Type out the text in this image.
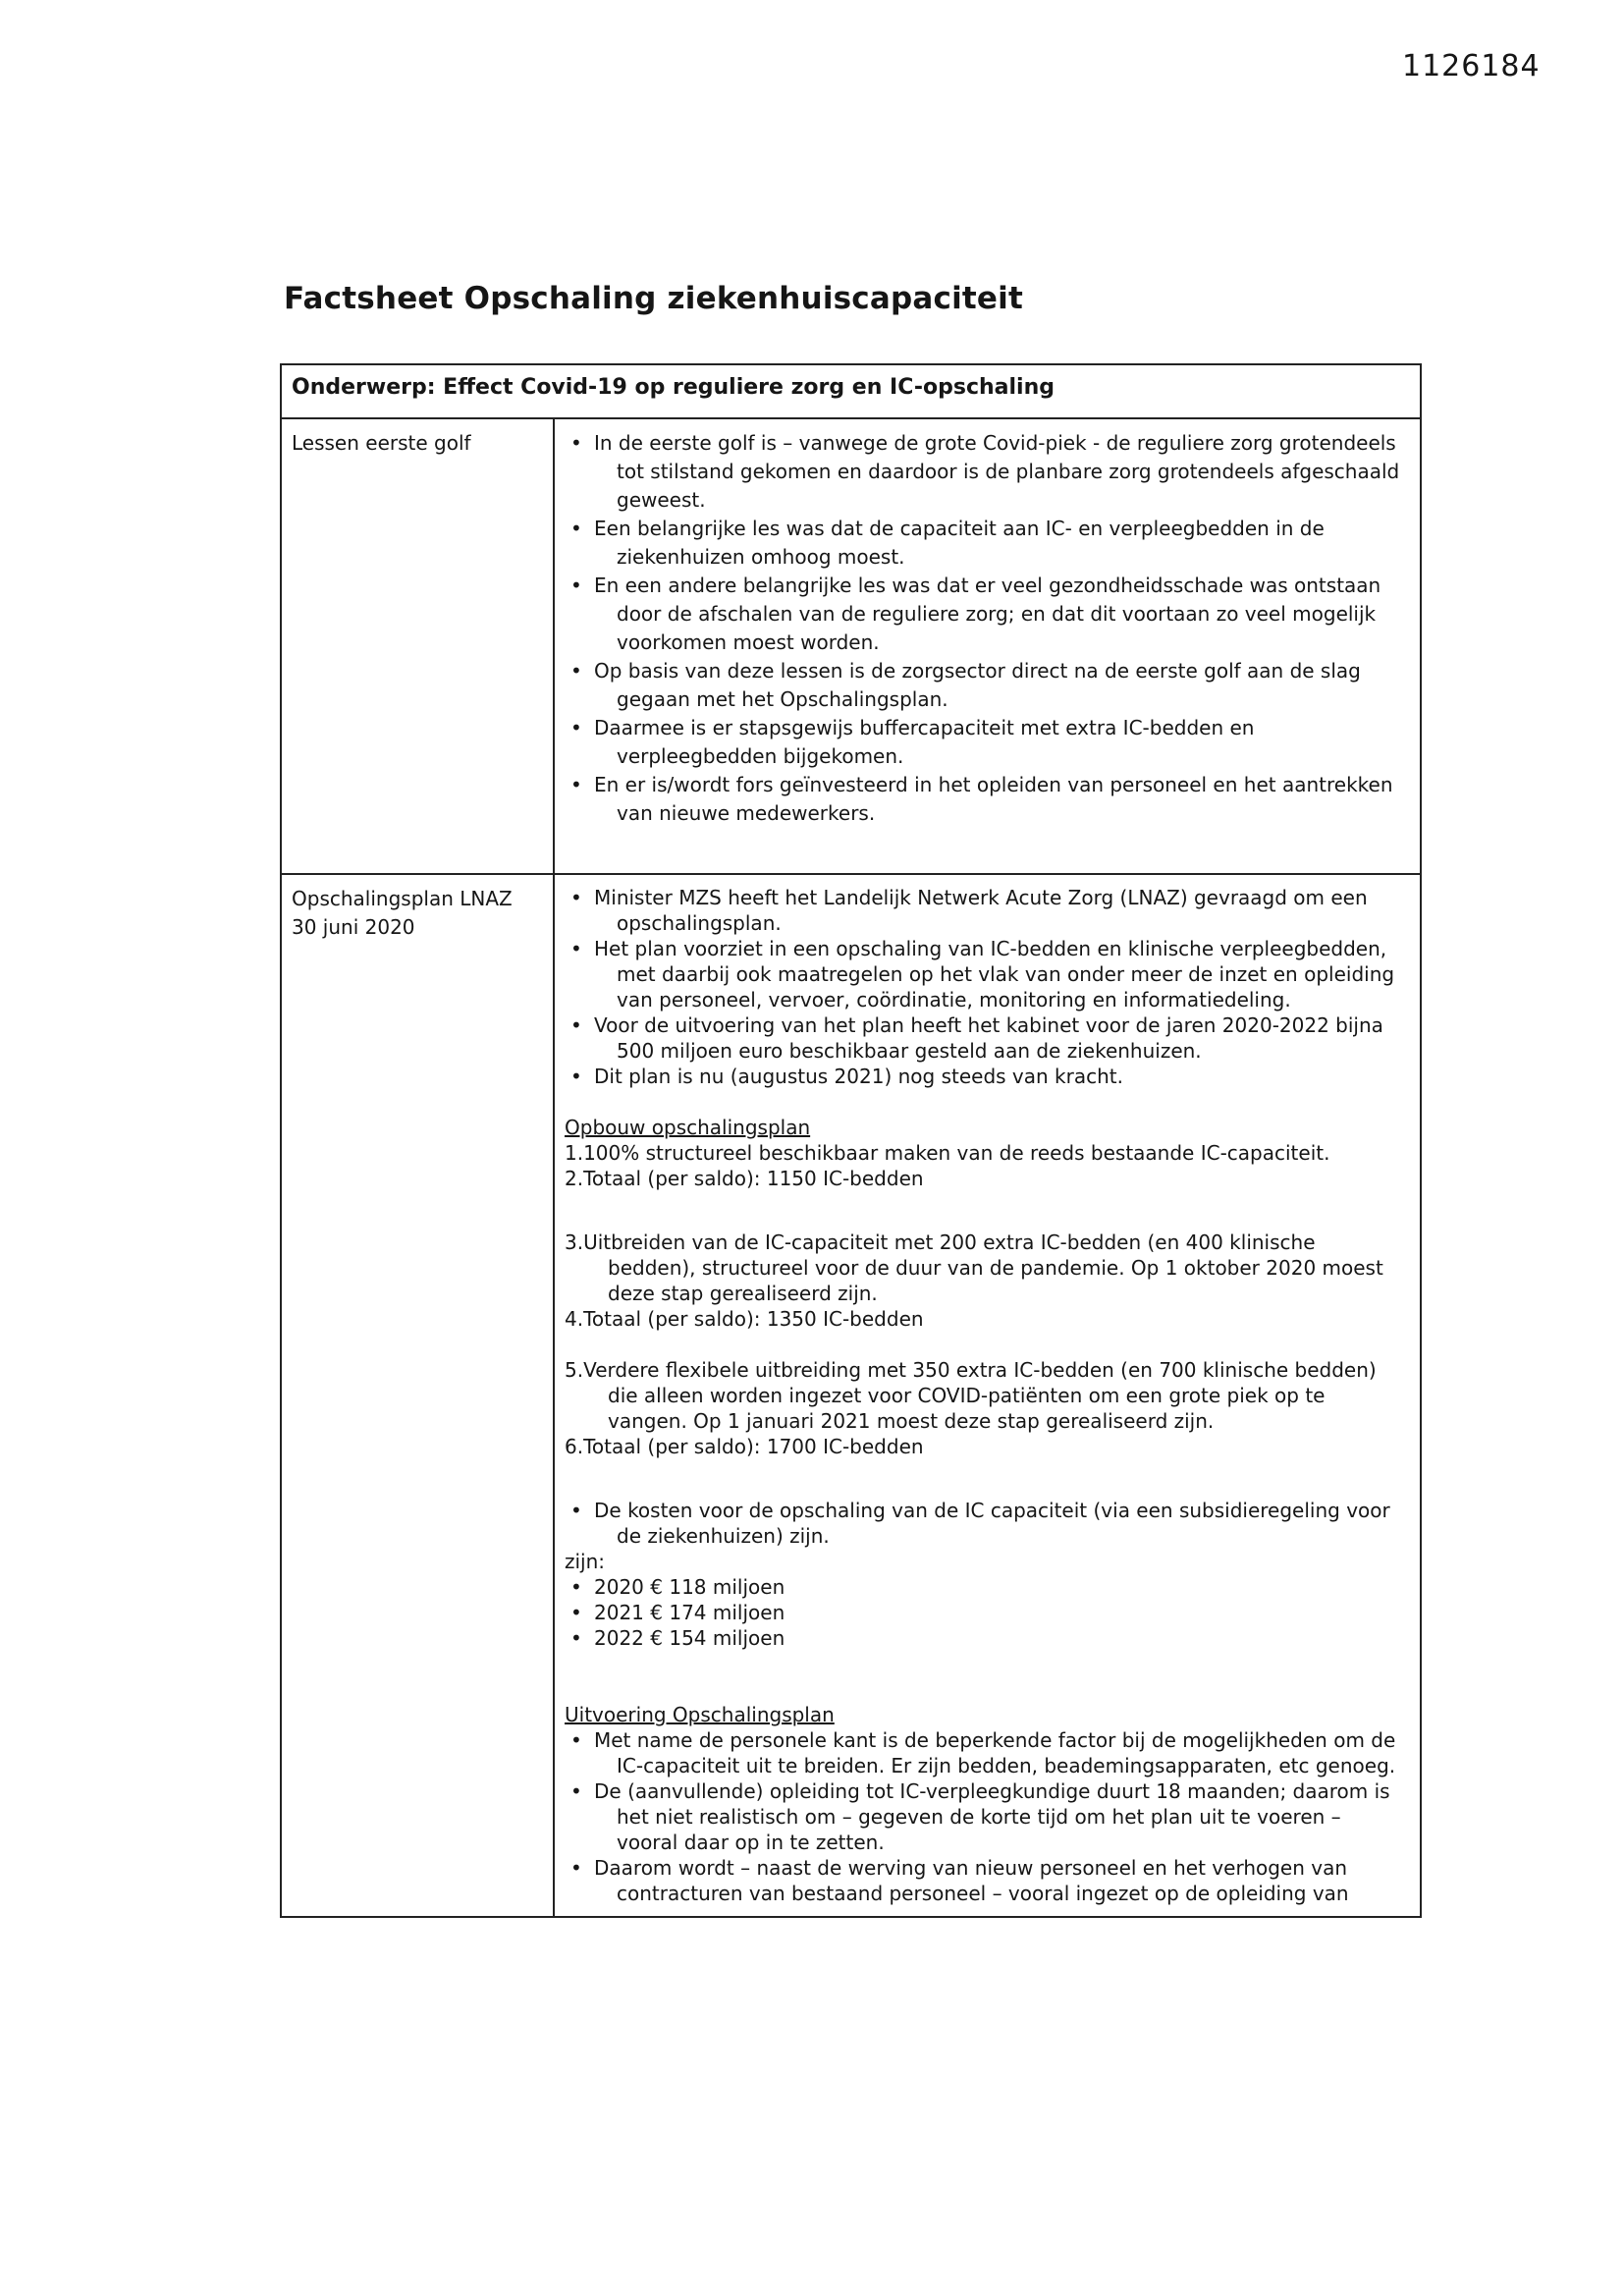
1126184
Factsheet Opschaling ziekenhuiscapaciteit
Onderwerp: Effect Covid-19 op reguliere zorg en IC-opschaling
Lessen eerste golf	• In de eerste golf is – vanwege de grote Covid-piek - de reguliere zorg grotendeels tot stilstand gekomen en daardoor is de planbare zorg grotendeels afgeschaald geweest.
• Een belangrijke les was dat de capaciteit aan IC- en verpleegbedden in de ziekenhuizen omhoog moest.
• En een andere belangrijke les was dat er veel gezondheidsschade was ontstaan door de afschalen van de reguliere zorg; en dat dit voortaan zo veel mogelijk voorkomen moest worden.
• Op basis van deze lessen is de zorgsector direct na de eerste golf aan de slag gegaan met het Opschalingsplan.
• Daarmee is er stapsgewijs buffercapaciteit met extra IC-bedden en verpleegbedden bijgekomen.
• En er is/wordt fors geïnvesteerd in het opleiden van personeel en het aantrekken van nieuwe medewerkers.
Opschalingsplan LNAZ
30 juni 2020
• Minister MZS heeft het Landelijk Netwerk Acute Zorg (LNAZ) gevraagd om een opschalingsplan.
• Het plan voorziet in een opschaling van IC-bedden en klinische verpleegbedden, met daarbij ook maatregelen op het vlak van onder meer de inzet en opleiding van personeel, vervoer, coördinatie, monitoring en informatiedeling.
• Voor de uitvoering van het plan heeft het kabinet voor de jaren 2020-2022 bijna 500 miljoen euro beschikbaar gesteld aan de ziekenhuizen.
• Dit plan is nu (augustus 2021) nog steeds van kracht.
Opbouw opschalingsplan
1.100% structureel beschikbaar maken van de reeds bestaande IC-capaciteit.
2.Totaal (per saldo): 1150 IC-bedden
3.Uitbreiden van de IC-capaciteit met 200 extra IC-bedden (en 400 klinische bedden), structureel voor de duur van de pandemie. Op 1 oktober 2020 moest deze stap gerealiseerd zijn.
4.Totaal (per saldo): 1350 IC-bedden
5.Verdere flexibele uitbreiding met 350 extra IC-bedden (en 700 klinische bedden) die alleen worden ingezet voor COVID-patiënten om een grote piek op te vangen. Op 1 januari 2021 moest deze stap gerealiseerd zijn.
6.Totaal (per saldo): 1700 IC-bedden
• De kosten voor de opschaling van de IC capaciteit (via een subsidieregeling voor de ziekenhuizen) zijn.
zijn:
• 2020 € 118 miljoen
• 2021 € 174 miljoen
• 2022 € 154 miljoen
Uitvoering Opschalingsplan
• Met name de personele kant is de beperkende factor bij de mogelijkheden om de IC-capaciteit uit te breiden. Er zijn bedden, beademingsapparaten, etc genoeg.
• De (aanvullende) opleiding tot IC-verpleegkundige duurt 18 maanden; daarom is het niet realistisch om – gegeven de korte tijd om het plan uit te voeren – vooral daar op in te zetten.
• Daarom wordt – naast de werving van nieuw personeel en het verhogen van contracturen van bestaand personeel – vooral ingezet op de opleiding van
